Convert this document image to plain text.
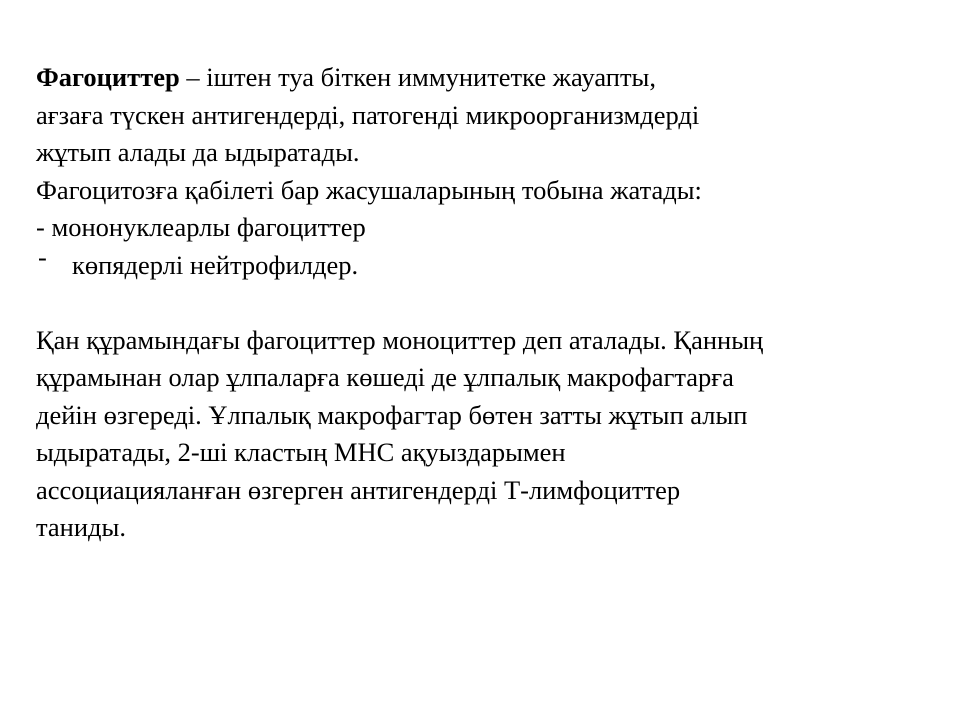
Фагоциттер – іштен туа біткен иммунитетке жауапты,
ағзаға түскен антигендерді, патогенді микроорганизмдерді
жұтып алады да ыдыратады.
Фагоцитозға қабілеті бар жасушаларының тобына жатады:
- мононуклеарлы фагоциттер
- көпядерлі нейтрофилдер.
Қан құрамындағы фагоциттер моноциттер деп аталады. Қанның
құрамынан олар ұлпаларға көшеді де ұлпалық макрофагтарға
дейін өзгереді. Ұлпалық макрофагтар бөтен затты жұтып алып
ыдыратады, 2-ші кластың МНС ақуыздарымен
ассоциацияланған өзгерген антигендерді Т-лимфоциттер
таниды.
